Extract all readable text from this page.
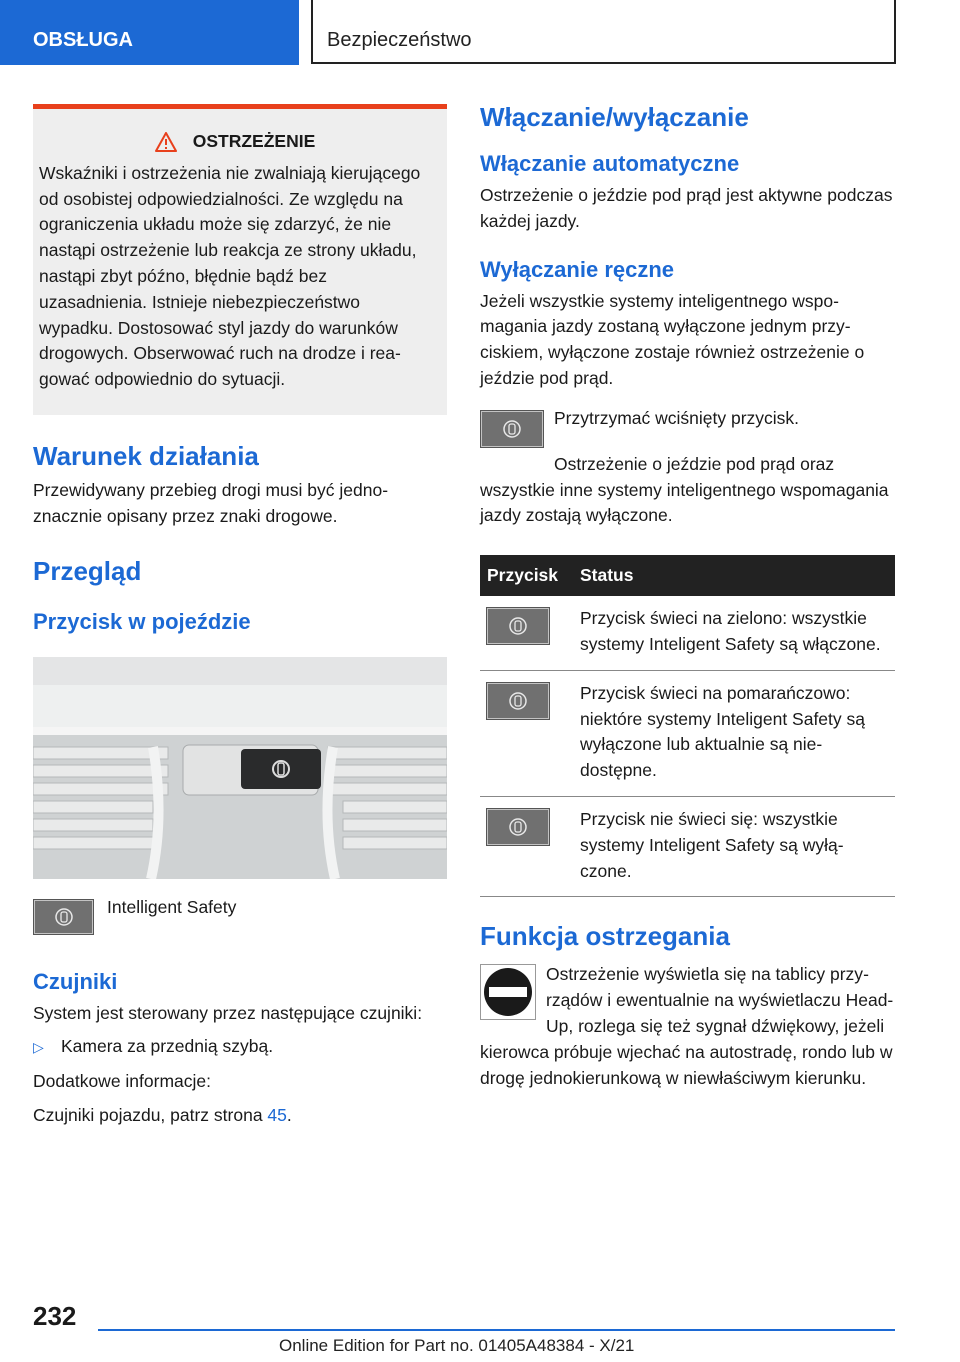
OBSŁUGA	Bezpieczeństwo
OSTRZEŻENIE

Wskaźniki i ostrzeżenia nie zwalniają kierującego od osobistej odpowiedzialności. Ze względu na ograniczenia układu może się zdarzyć, że nie nastąpi ostrzeżenie lub reakcja ze strony układu, nastąpi zbyt późno, błędnie bądź bez uzasadnienia. Istnieje niebezpieczeństwo wypadku. Dostosować styl jazdy do warunków drogowych. Obserwować ruch na drodze i reagować odpowiednio do sytuacji.

Warunek działania

Przewidywany przebieg drogi musi być jednoznacznie opisany przez znaki drogowe.

Przegląd
Przycisk w pojeździe

Intelligent Safety

Czujniki

System jest sterowany przez następujące czujniki:

▷ Kamera za przednią szybą.

Dodatkowe informacje:

Czujniki pojazdu, patrz strona 45.

Włączanie/wyłączanie
Włączanie automatyczne

Ostrzeżenie o jeździe pod prąd jest aktywne podczas każdej jazdy.

Wyłączanie ręczne

Jeżeli wszystkie systemy inteligentnego wspomagania jazdy zostaną wyłączone jednym przyciskiem, wyłączone zostaje również ostrzeżenie o jeździe pod prąd.

Przytrzymać wciśnięty przycisk.

Ostrzeżenie o jeździe pod prąd oraz wszystkie inne systemy inteligentnego wspomagania jazdy zostają wyłączone.

Przycisk	Status

	Przycisk świeci na zielono: wszystkie systemy Inteligent Safety są włączone.

	Przycisk świeci na pomarańczowo: niektóre systemy Inteligent Safety są wyłączone lub aktualnie są niedostępne.

	Przycisk nie świeci się: wszystkie systemy Inteligent Safety są wyłączone.
Funkcja ostrzegania

Ostrzeżenie wyświetla się na tablicy przyrządów i ewentualnie na wyświetlaczu Head-Up, rozlega się też sygnał dźwiękowy, jeżeli kierowca próbuje wjechać na autostradę, rondo lub w drogę jednokierunkową w niewłaściwym kierunku.

232
Online Edition for Part no. 01405A48384 - X/21
